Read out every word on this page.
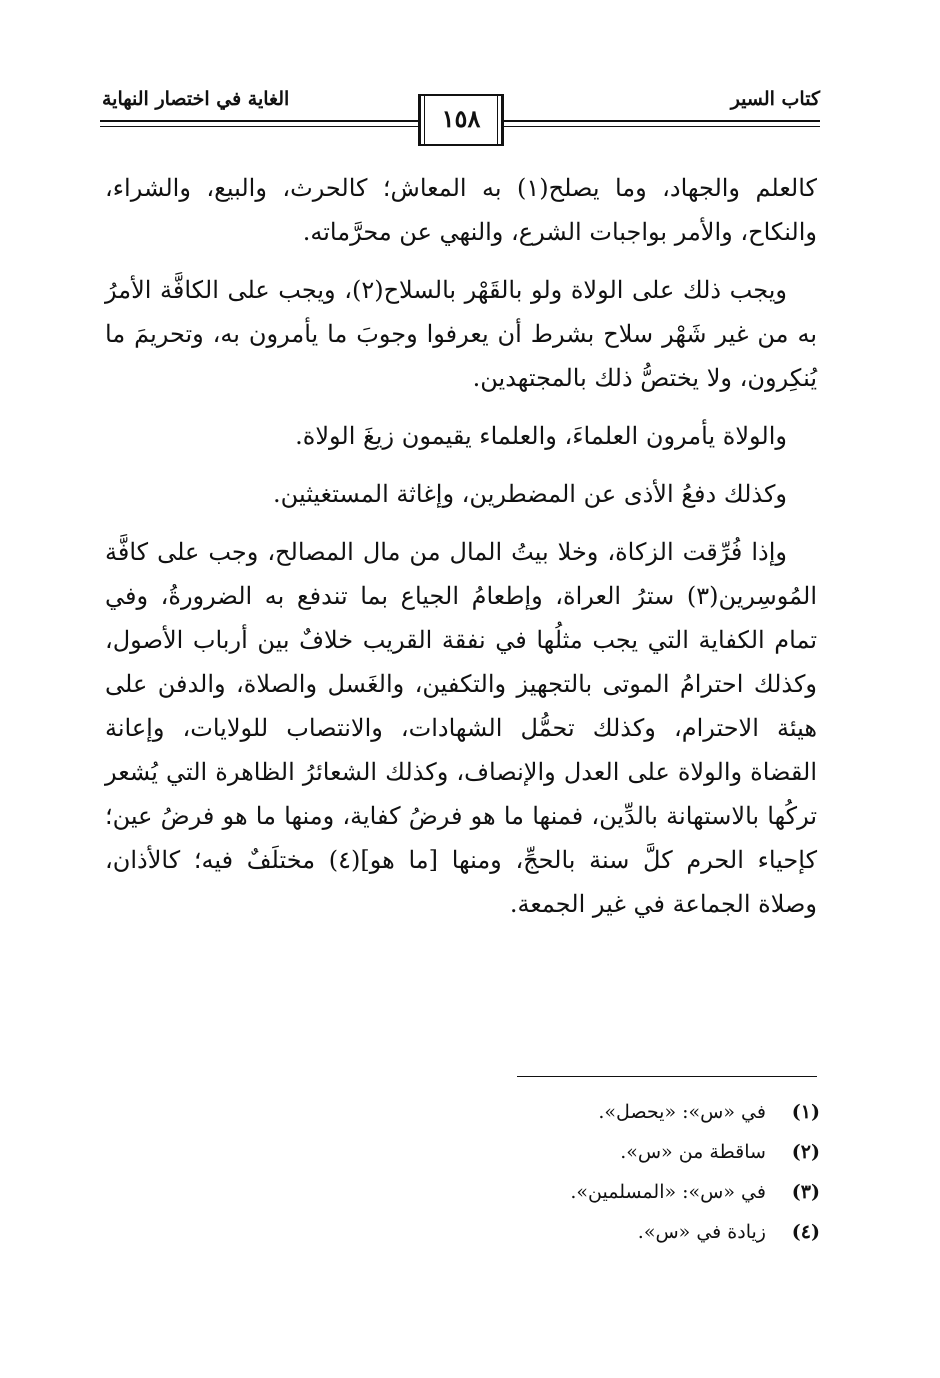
كتاب السير
الغاية في اختصار النهاية
١٥٨

كالعلم والجهاد، وما يصلح(١) به المعاش؛ كالحرث، والبيع، والشراء، والنكاح، والأمر بواجبات الشرع، والنهي عن محرَّماته.

ويجب ذلك على الولاة ولو بالقَهْر بالسلاح(٢)، ويجب على الكافَّة الأمرُ به من غير شَهْر سلاح بشرط أن يعرفوا وجوبَ ما يأمرون به، وتحريمَ ما يُنكِرون، ولا يختصُّ ذلك بالمجتهدين.

والولاة يأمرون العلماءَ، والعلماء يقيمون زيغَ الولاة.

وكذلك دفعُ الأذى عن المضطرين، وإغاثة المستغيثين.

وإذا فُرِّقت الزكاة، وخلا بيتُ المال من مال المصالح، وجب على كافَّة المُوسِرين(٣) سترُ العراة، وإطعامُ الجياع بما تندفع به الضرورةُ، وفي تمام الكفاية التي يجب مثلُها في نفقة القريب خلافٌ بين أرباب الأصول، وكذلك احترامُ الموتى بالتجهيز والتكفين، والغَسل والصلاة، والدفن على هيئة الاحترام، وكذلك تحمُّل الشهادات، والانتصاب للولايات، وإعانة القضاة والولاة على العدل والإنصاف، وكذلك الشعائرُ الظاهرة التي يُشعر تركُها بالاستهانة بالدِّين، فمنها ما هو فرضُ كفاية، ومنها ما هو فرضُ عين؛ كإحياء الحرم كلَّ سنة بالحجِّ، ومنها [ما هو](٤) مختلَفٌ فيه؛ كالأذان، وصلاة الجماعة في غير الجمعة.

(١) في «س»: «يحصل».
(٢) ساقطة من «س».
(٣) في «س»: «المسلمين».
(٤) زيادة في «س».
